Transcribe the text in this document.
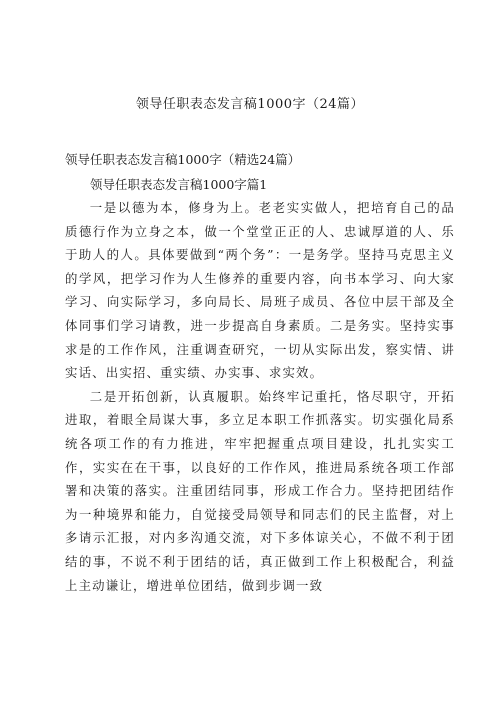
领导任职表态发言稿1000字（24篇）
领导任职表态发言稿1000字（精选24篇）
领导任职表态发言稿1000字篇1

一是以德为本，修身为上。老老实实做人，把培育自己的品质德行作为立身之本，做一个堂堂正正的人、忠诚厚道的人、乐于助人的人。具体要做到“两个务”：一是务学。坚持马克思主义的学风，把学习作为人生修养的重要内容，向书本学习、向大家学习、向实际学习，多向局长、局班子成员、各位中层干部及全体同事们学习请教，进一步提高自身素质。二是务实。坚持实事求是的工作作风，注重调查研究，一切从实际出发，察实情、讲实话、出实招、重实绩、办实事、求实效。

二是开拓创新，认真履职。始终牢记重托，恪尽职守，开拓进取，着眼全局谋大事，多立足本职工作抓落实。切实强化局系统各项工作的有力推进，牢牢把握重点项目建设，扎扎实实工作，实实在在干事，以良好的工作作风，推进局系统各项工作部署和决策的落实。注重团结同事，形成工作合力。坚持把团结作为一种境界和能力，自觉接受局领导和同志们的民主监督，对上多请示汇报，对内多沟通交流，对下多体谅关心，不做不利于团结的事，不说不利于团结的话，真正做到工作上积极配合，利益上主动谦让，增进单位团结，做到步调一致
